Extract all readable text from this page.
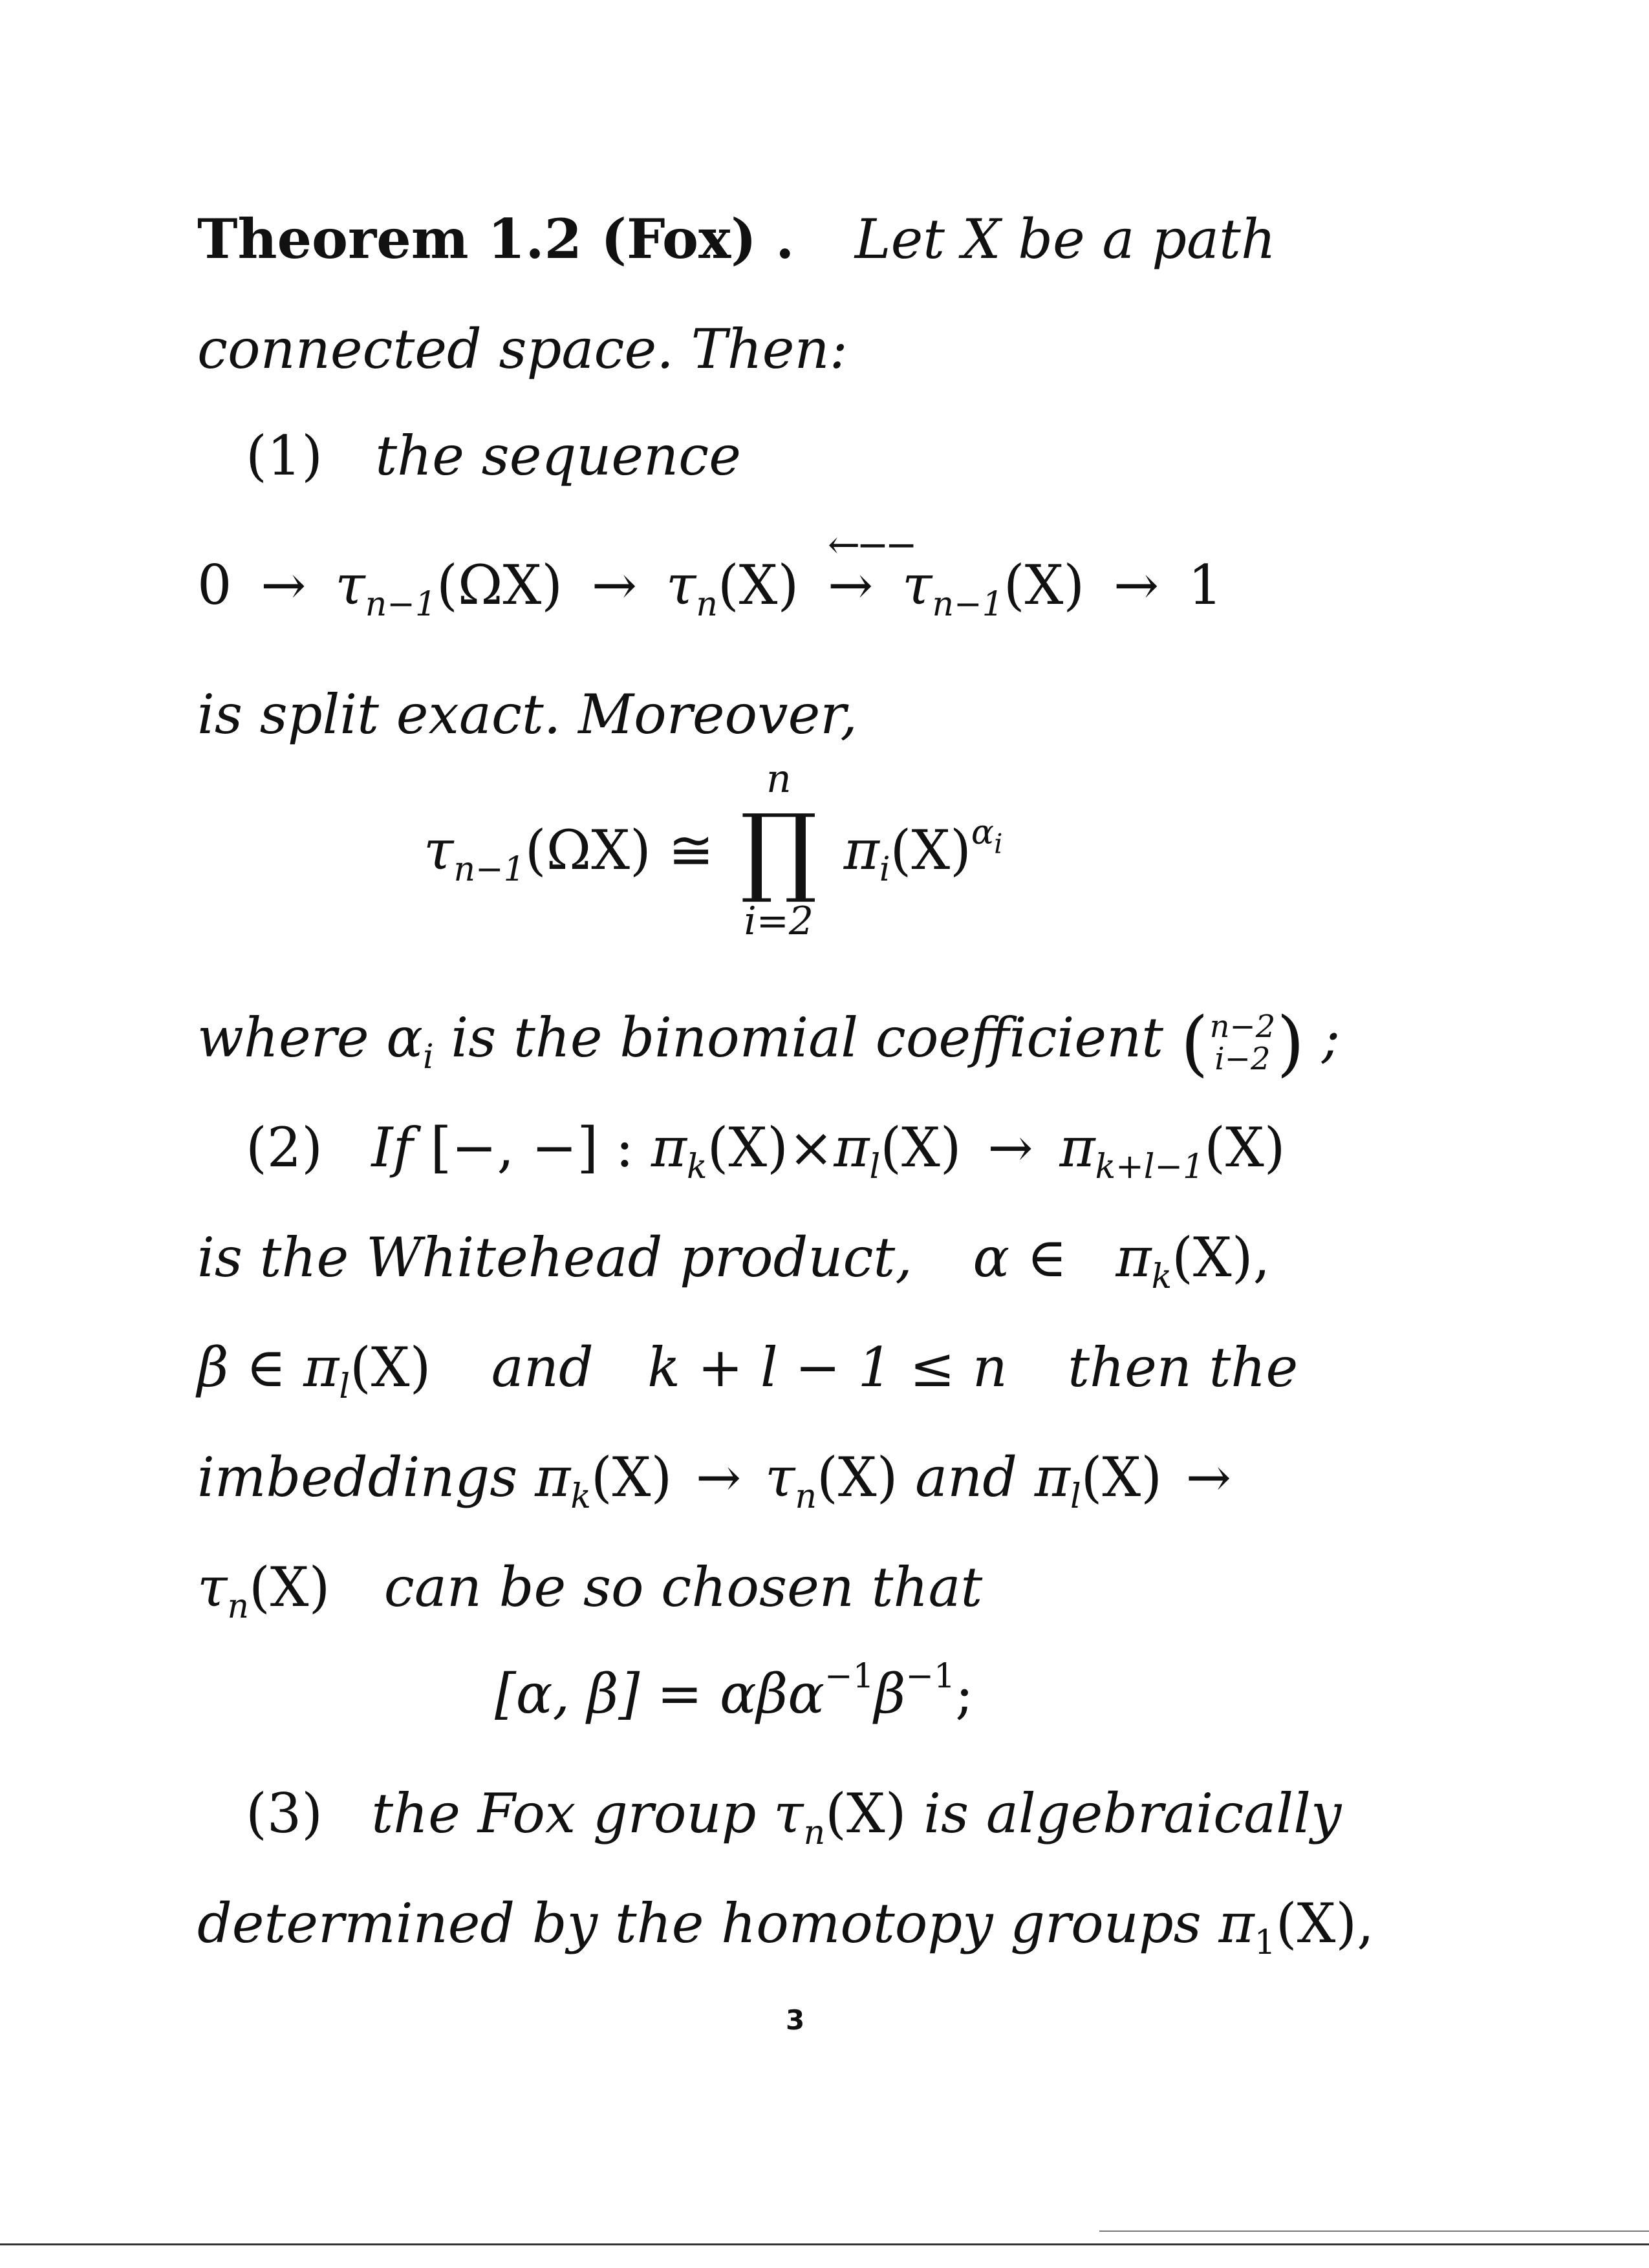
Theorem 1.2 (Fox) . Let X be a path
connected space. Then:
(1) the sequence
$0 \to \tau_{n-1}(\Omega X) \to \tau_n(X)$
←−−
→ $\tau_{n-1}(X) \to 1$
is split exact. Moreover,
$\tau_{n-1}(\Omega X)$ ≅
n
∏
i=2
$\pi_i(X)^{\alpha_i}$
where $\alpha_i$ is the binomial coefficient ( n−2
i−2 ) ;
(2) If [−, −] : $\pi_k(X)\times\pi_l(X) \to \pi_{k+l-1}(X)$
is the Whitehead product, α ∈ $\pi_k(X)$,
β ∈ $\pi_l(X)$ and k + l − 1 ≤ n then the
imbeddings $\pi_k(X) \to \tau_n(X)$ and $\pi_l(X)$ →
$\tau_n(X)$ can be so chosen that
[α, $\beta] = \alpha\beta\alpha^{-1}\beta^{-1}$;
(3) the Fox group $\tau_n(X)$ is algebraically
determined by the homotopy groups $\pi_1(X)$,
3
